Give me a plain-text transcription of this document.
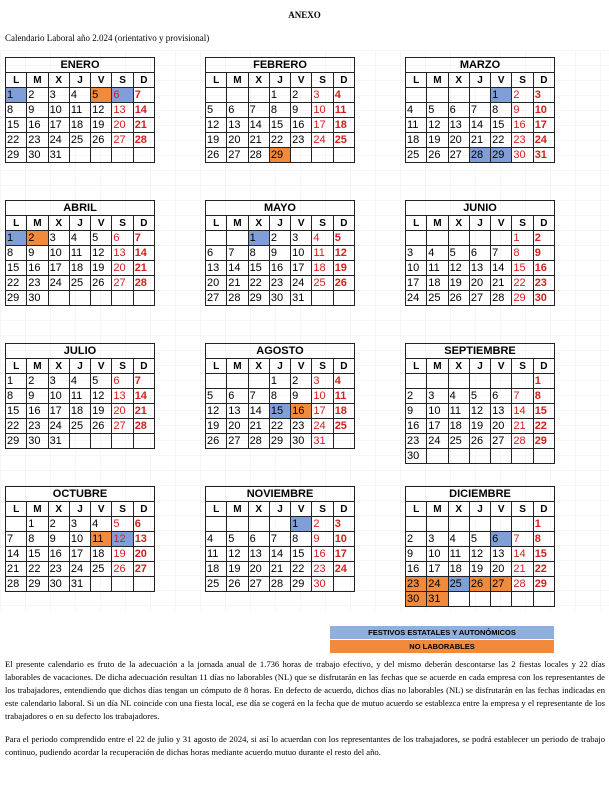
ANEXO
Calendario Laboral año 2.024 (orientativo y provisional)
ENERO						
L	M	X	J	V	S	D
1	2	3	4	5	6	7
8	9	10	11	12	13	14
15	16	17	18	19	20	21
22	23	24	25	26	27	28
29	30	31				
FEBRERO						
L	M	X	J	V	S	D
			1	2	3	4
5	6	7	8	9	10	11
12	13	14	15	16	17	18
19	20	21	22	23	24	25
26	27	28	29			
MARZO						
L	M	X	J	V	S	D
				1	2	3
4	5	6	7	8	9	10
11	12	13	14	15	16	17
18	19	20	21	22	23	24
25	26	27	28	29	30	31
ABRIL						
L	M	X	J	V	S	D
1	2	3	4	5	6	7
8	9	10	11	12	13	14
15	16	17	18	19	20	21
22	23	24	25	26	27	28
29	30					
MAYO						
L	M	X	J	V	S	D
		1	2	3	4	5
6	7	8	9	10	11	12
13	14	15	16	17	18	19
20	21	22	23	24	25	26
27	28	29	30	31		
JUNIO						
L	M	X	J	V	S	D
					1	2
3	4	5	6	7	8	9
10	11	12	13	14	15	16
17	18	19	20	21	22	23
24	25	26	27	28	29	30
JULIO						
L	M	X	J	V	S	D
1	2	3	4	5	6	7
8	9	10	11	12	13	14
15	16	17	18	19	20	21
22	23	24	25	26	27	28
29	30	31				
AGOSTO						
L	M	X	J	V	S	D
			1	2	3	4
5	6	7	8	9	10	11
12	13	14	15	16	17	18
19	20	21	22	23	24	25
26	27	28	29	30	31	
SEPTIEMBRE						
L	M	X	J	V	S	D
						1
2	3	4	5	6	7	8
9	10	11	12	13	14	15
16	17	18	19	20	21	22
23	24	25	26	27	28	29
30						
OCTUBRE						
L	M	X	J	V	S	D
	1	2	3	4	5	6
7	8	9	10	11	12	13
14	15	16	17	18	19	20
21	22	23	24	25	26	27
28	29	30	31			
NOVIEMBRE						
L	M	X	J	V	S	D
				1	2	3
4	5	6	7	8	9	10
11	12	13	14	15	16	17
18	19	20	21	22	23	24
25	26	27	28	29	30	
DICIEMBRE						
L	M	X	J	V	S	D
						1
2	3	4	5	6	7	8
9	10	11	12	13	14	15
16	17	18	19	20	21	22
23	24	25	26	27	28	29
30	31					
FESTIVOS ESTATALES Y AUTONÓMICOS
NO LABORABLES
El presente calendario es fruto de la adecuación a la jornada anual de 1.736 horas de trabajo efectivo, y del mismo deberán descontarse las 2 fiestas locales y 22 días laborables de vacaciones. De dicha adecuación resultan 11 días no laborables (NL) que se disfrutarán en las fechas que se acuerde en cada empresa con los representantes de los trabajadores, entendiendo que dichos días tengan un cómputo de 8 horas. En defecto de acuerdo, dichos días no laborables (NL) se disfrutarán en las fechas indicadas en este calendario laboral. Si un día NL coincide con una fiesta local, ese día se cogerá en la fecha que de mutuo acuerdo se establezca entre la empresa y el representante de los trabajadores o en su defecto los trabajadores.
Para el periodo comprendido entre el 22 de julio y 31 agosto de 2024, si así lo acuerdan con los representantes de los trabajadores, se podrá establecer un periodo de trabajo continuo, pudiendo acordar la recuperación de dichas horas mediante acuerdo mutuo durante el resto del año.
